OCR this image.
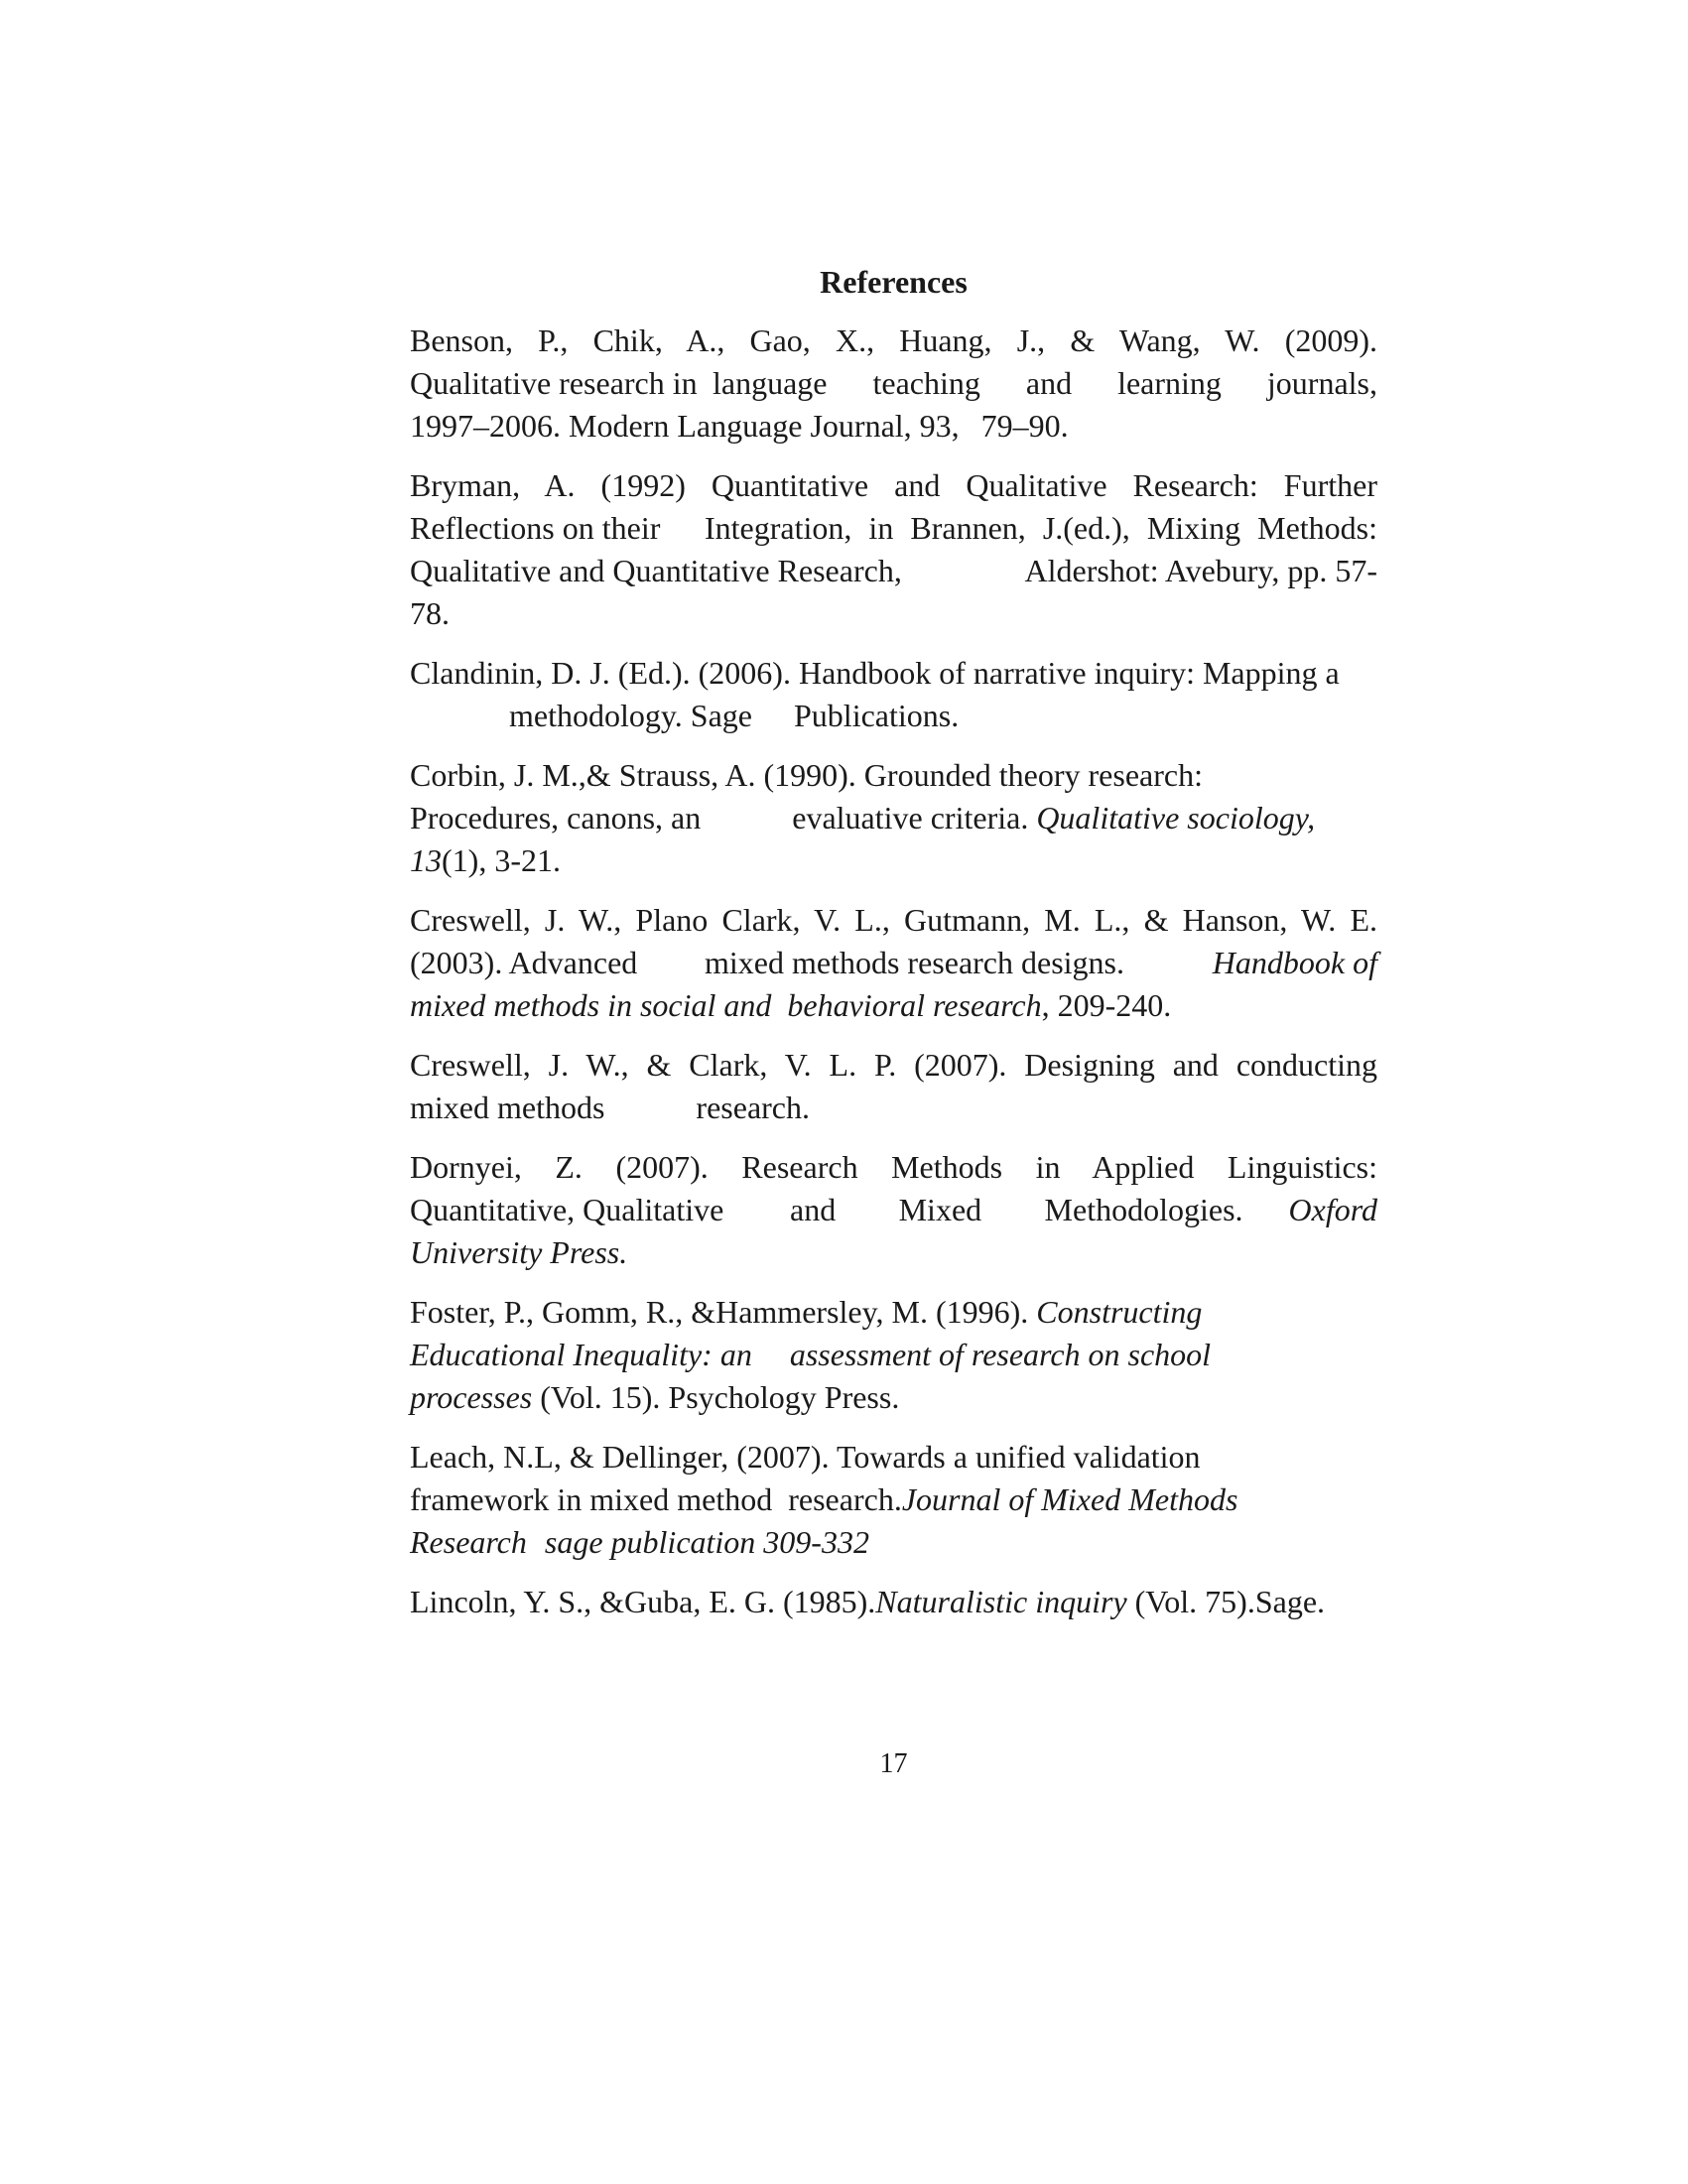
References
Benson, P., Chik, A., Gao, X., Huang, J., & Wang, W. (2009).
Qualitative research in language teaching and learning journals,
1997–2006. Modern Language Journal, 93, 79–90.
Bryman, A. (1992) Quantitative and Qualitative Research: Further
Reflections on their Integration, in Brannen, J.(ed.), Mixing Methods:
Qualitative and Quantitative Research,	Aldershot: Avebury, pp. 57-
78.
Clandinin, D. J. (Ed.). (2006). Handbook of narrative inquiry: Mapping a
methodology. Sage Publications.
Corbin, J. M.,& Strauss, A. (1990). Grounded theory research:
Procedures, canons, an	evaluative criteria. Qualitative sociology,
13(1), 3-21.
Creswell, J. W., Plano Clark, V. L., Gutmann, M. L., & Hanson, W. E.
(2003). Advanced mixed methods research designs.	Handbook of
mixed methods in social and behavioral research, 209-240.
Creswell, J. W., & Clark, V. L. P. (2007). Designing and conducting
mixed methods	research.
Dornyei, Z. (2007). Research Methods in Applied Linguistics:
Quantitative, Qualitative and Mixed Methodologies.	Oxford
University Press.
Foster, P., Gomm, R., &Hammersley, M. (1996). Constructing
Educational Inequality: an assessment of research on school
processes (Vol. 15). Psychology Press.
Leach, N.L, & Dellinger, (2007). Towards a unified validation
framework in mixed method research.Journal of Mixed Methods
Research sage publication 309-332
Lincoln, Y. S., &Guba, E. G. (1985).Naturalistic inquiry (Vol. 75).Sage.
17
